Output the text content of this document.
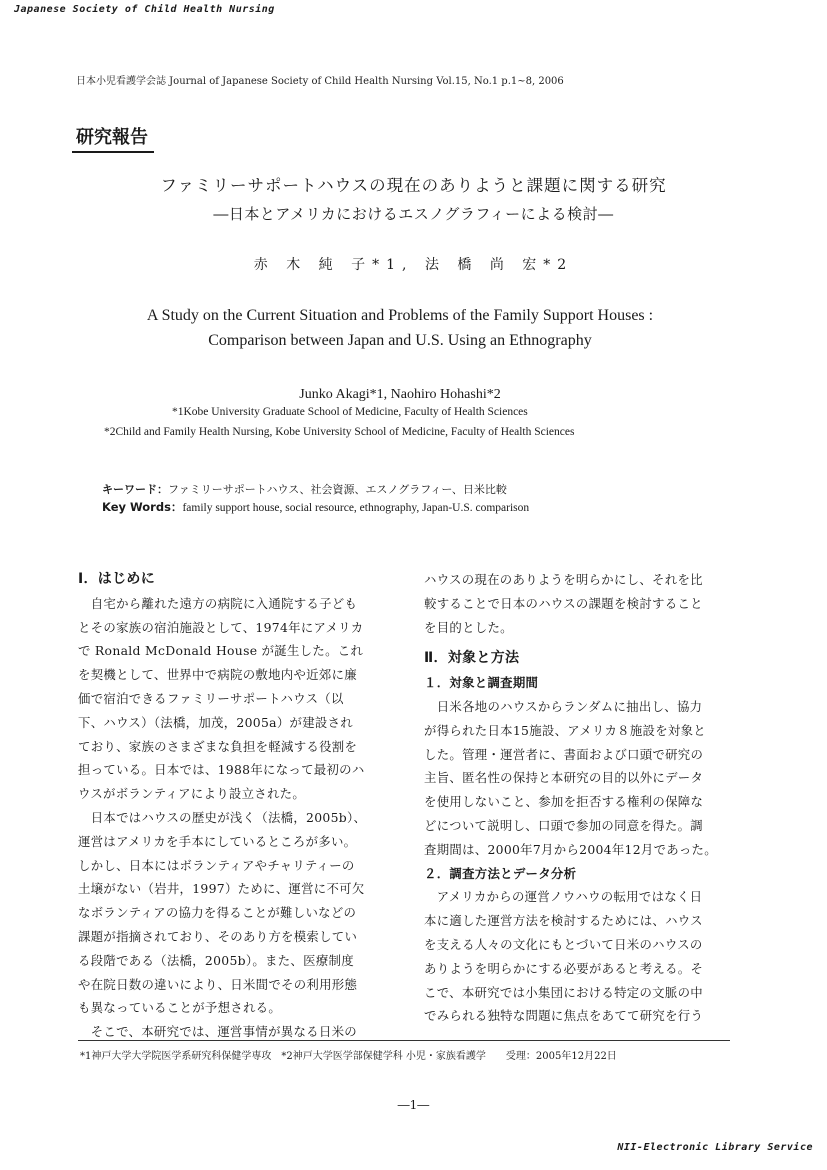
Japanese Society of Child Health Nursing
日本小児看護学会誌 Journal of Japanese Society of Child Health Nursing Vol.15, No.1 p.1~8, 2006
研究報告
ファミリーサポートハウスの現在のありようと課題に関する研究
―日本とアメリカにおけるエスノグラフィーによる検討―
赤 木 純 子*1, 法 橋 尚 宏*2
A Study on the Current Situation and Problems of the Family Support Houses :
Comparison between Japan and U.S. Using an Ethnography
Junko Akagi*1, Naohiro Hohashi*2
*1Kobe University Graduate School of Medicine, Faculty of Health Sciences
*2Child and Family Health Nursing, Kobe University School of Medicine, Faculty of Health Sciences
キーワード：ファミリーサポートハウス、社会資源、エスノグラフィー、日米比較
Key Words：family support house, social resource, ethnography, Japan-U.S. comparison
Ⅰ．はじめに
　自宅から離れた遠方の病院に入通院する子ども
とその家族の宿泊施設として、1974年にアメリカ
で Ronald McDonald House が誕生した。これ
を契機として、世界中で病院の敷地内や近郊に廉
価で宿泊できるファミリーサポートハウス（以
下、ハウス）（法橋，加茂，2005a）が建設され
ており、家族のさまざまな負担を軽減する役割を
担っている。日本では、1988年になって最初のハ
ウスがボランティアにより設立された。
　日本ではハウスの歴史が浅く（法橋，2005b）、
運営はアメリカを手本にしているところが多い。
しかし、日本にはボランティアやチャリティーの
土壌がない（岩井，1997）ために、運営に不可欠
なボランティアの協力を得ることが難しいなどの
課題が指摘されており、そのあり方を模索してい
る段階である（法橋，2005b）。また、医療制度
や在院日数の違いにより、日米間でその利用形態
も異なっていることが予想される。
　そこで、本研究では、運営事情が異なる日米の
ハウスの現在のありようを明らかにし、それを比
較することで日本のハウスの課題を検討すること
を目的とした。
Ⅱ．対象と方法
１．対象と調査期間
　日米各地のハウスからランダムに抽出し、協力
が得られた日本15施設、アメリカ８施設を対象と
した。管理・運営者に、書面および口頭で研究の
主旨、匿名性の保持と本研究の目的以外にデータ
を使用しないこと、参加を拒否する権利の保障な
どについて説明し、口頭で参加の同意を得た。調
査期間は、2000年7月から2004年12月であった。
２．調査方法とデータ分析
　アメリカからの運営ノウハウの転用ではなく日
本に適した運営方法を検討するためには、ハウス
を支える人々の文化にもとづいて日米のハウスの
ありようを明らかにする必要があると考える。そ
こで、本研究では小集団における特定の文脈の中
でみられる独特な問題に焦点をあてて研究を行う
*1神戸大学大学院医学系研究科保健学専攻　*2神戸大学医学部保健学科 小児・家族看護学　　受理：2005年12月22日
―1―
NII-Electronic Library Service
